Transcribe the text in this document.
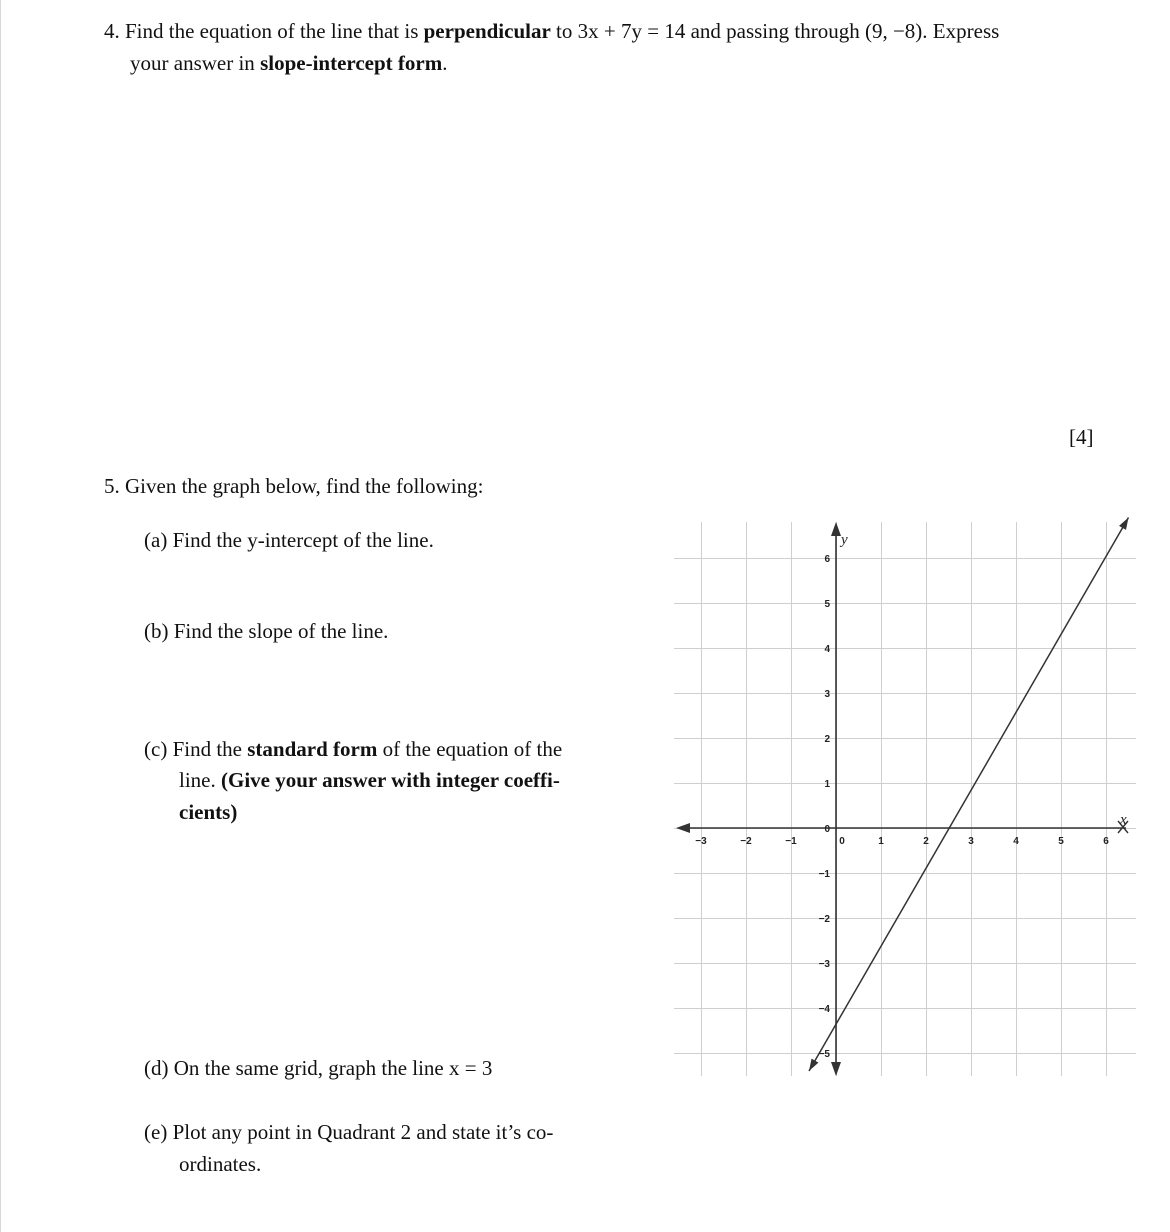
4. Find the equation of the line that is perpendicular to 3x + 7y = 14 and passing through (9, −8). Express
your answer in slope-intercept form.
[4]
5. Given the graph below, find the following:
(a) Find the y-intercept of the line.
(b) Find the slope of the line.
(c) Find the standard form of the equation of the
line. (Give your answer with integer coeffi-
cients)
(d) On the same grid, graph the line x = 3
(e) Plot any point in Quadrant 2 and state it’s co-
ordinates.
x
y
−3	−2	−1	0	1	2	3	4	5	6
6
5
4
3
2
1
0
−1
−2
−3
−4
−5
